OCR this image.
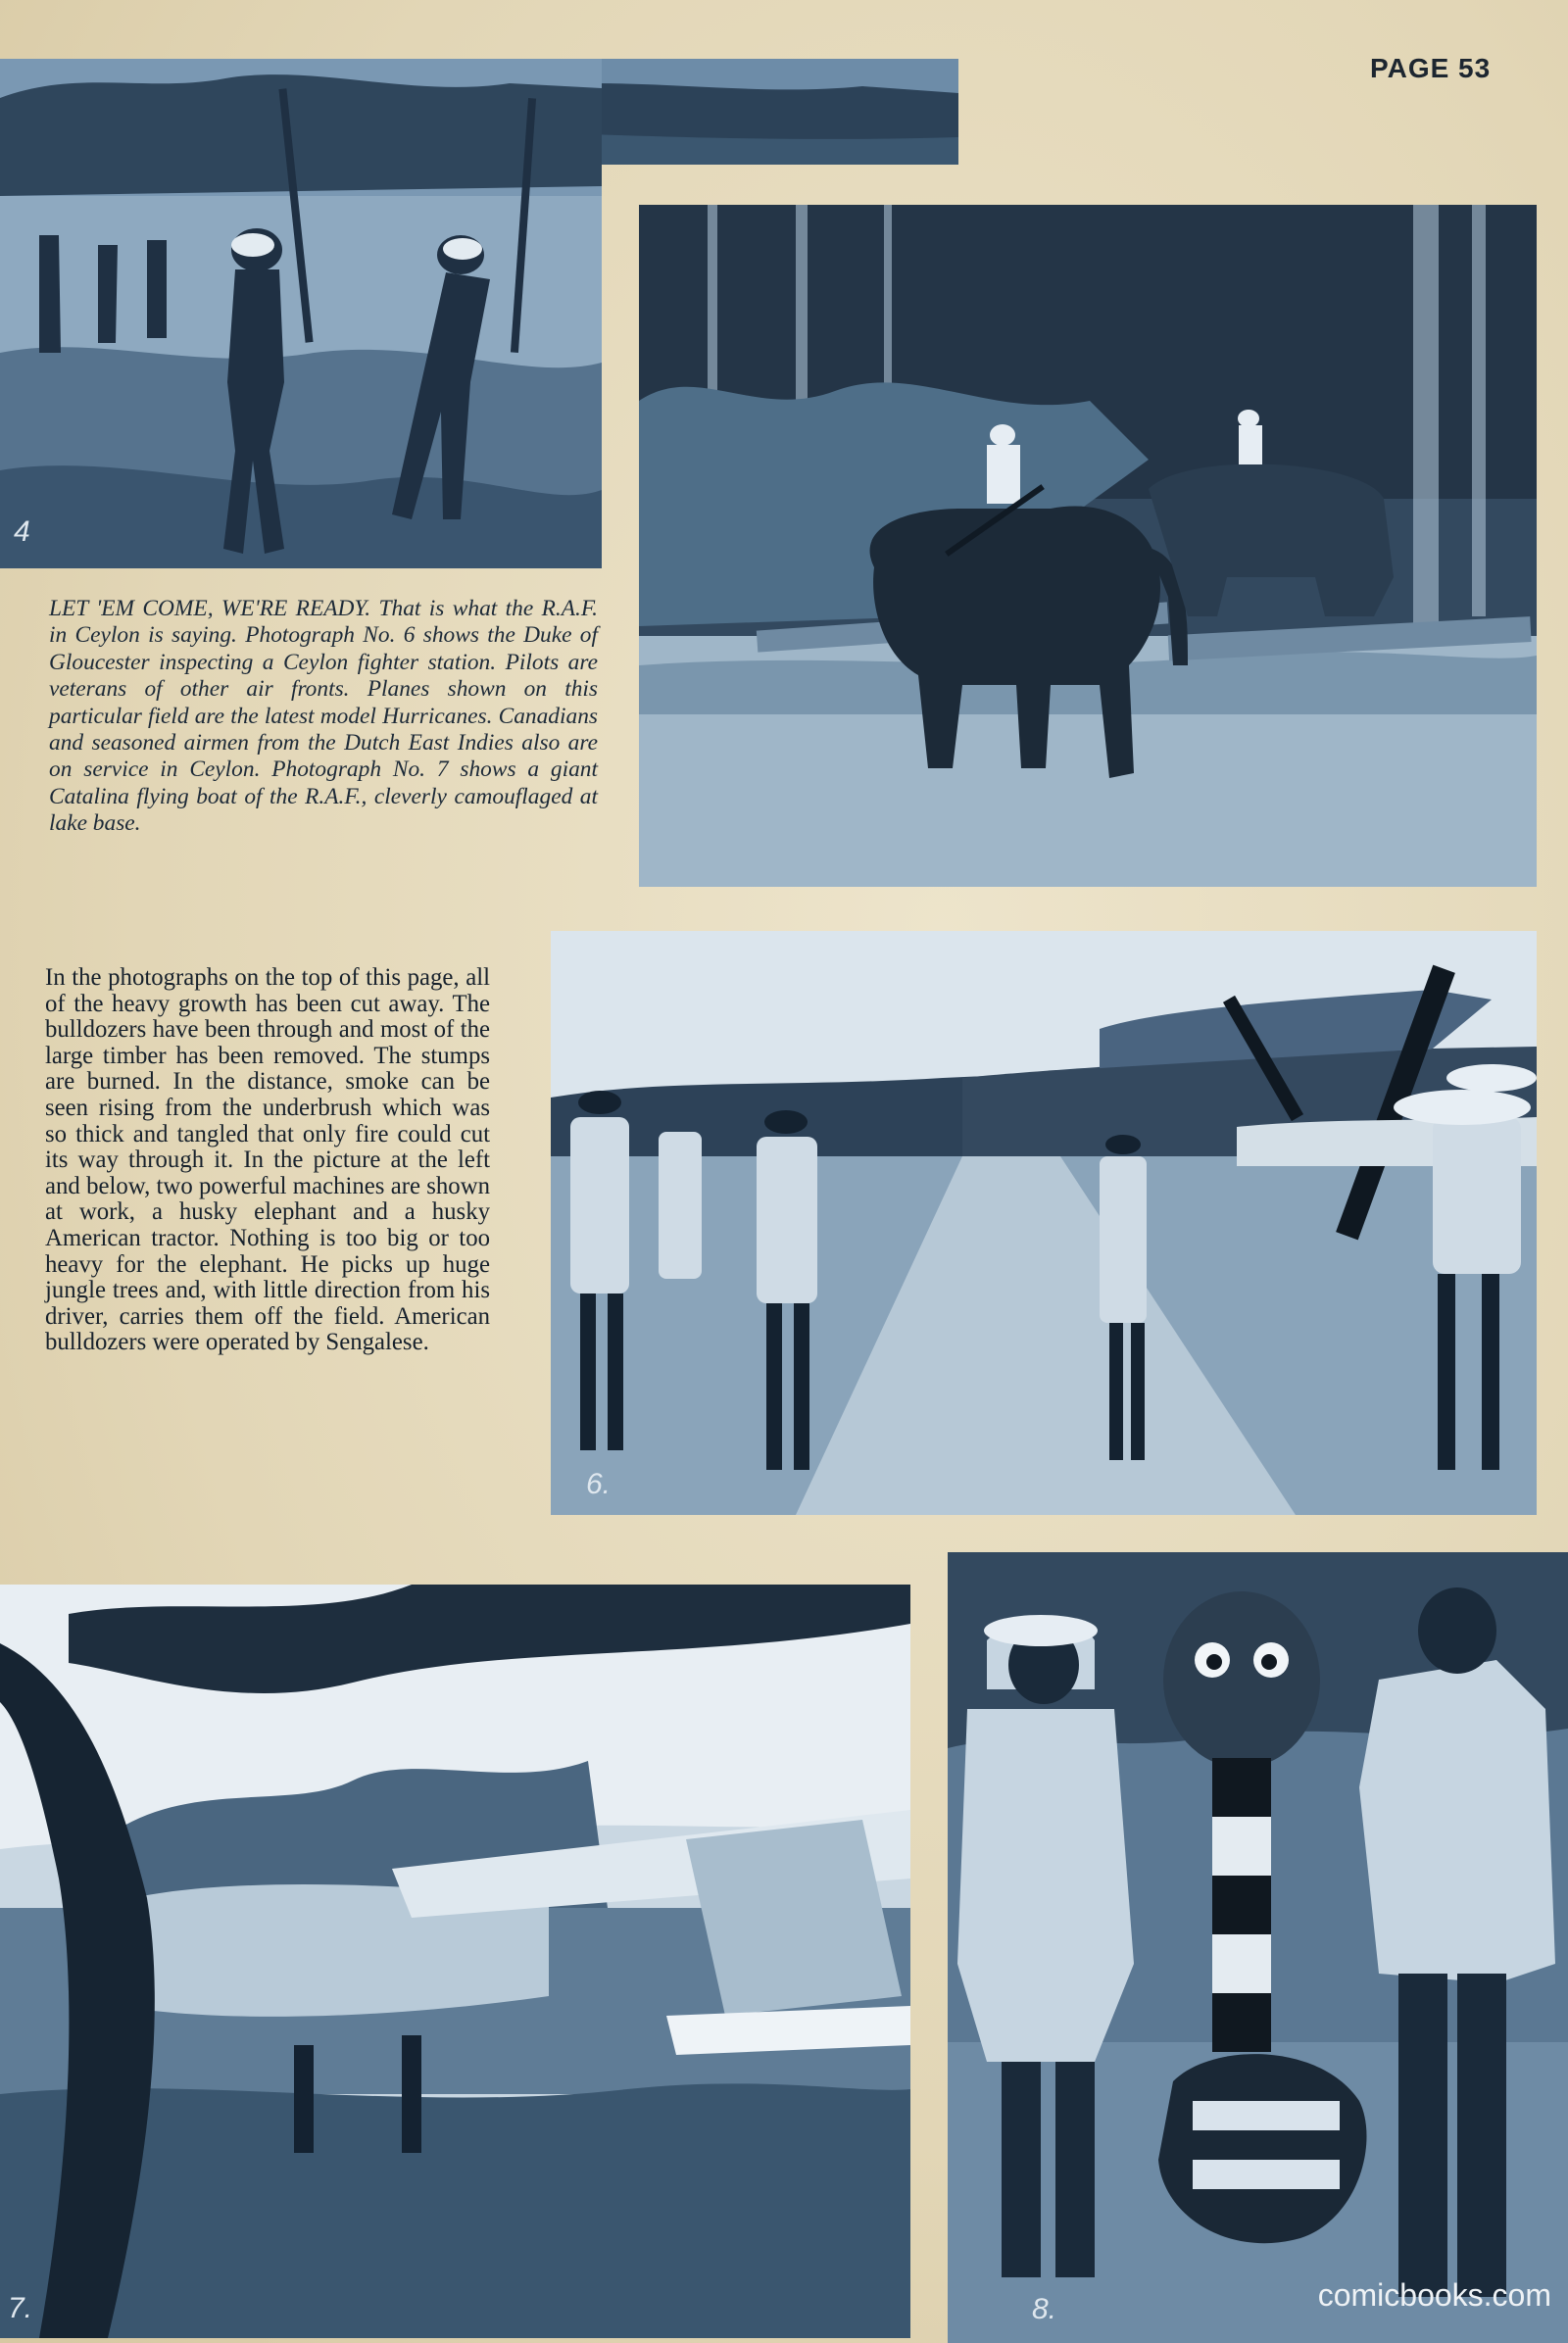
PAGE 53
4
LET 'EM COME, WE'RE READY. That is what the R.A.F. in Ceylon is saying. Photograph No. 6 shows the Duke of Gloucester inspecting a Ceylon fighter station. Pilots are veterans of other air fronts. Planes shown on this particular field are the latest model Hurricanes. Canadians and seasoned airmen from the Dutch East Indies also are on service in Ceylon. Photograph No. 7 shows a giant Catalina flying boat of the R.A.F., cleverly camouflaged at lake base.
6.
In the photographs on the top of this page, all of the heavy growth has been cut away. The bulldozers have been through and most of the large timber has been removed. The stumps are burned. In the distance, smoke can be seen rising from the underbrush which was so thick and tangled that only fire could cut its way through it. In the picture at the left and below, two powerful machines are shown at work, a husky elephant and a husky American tractor. Nothing is too big or too heavy for the elephant. He picks up huge jungle trees and, with little direction from his driver, carries them off the field. American bulldozers were operated by Sengalese.
7.	8.	comicbooks.com
